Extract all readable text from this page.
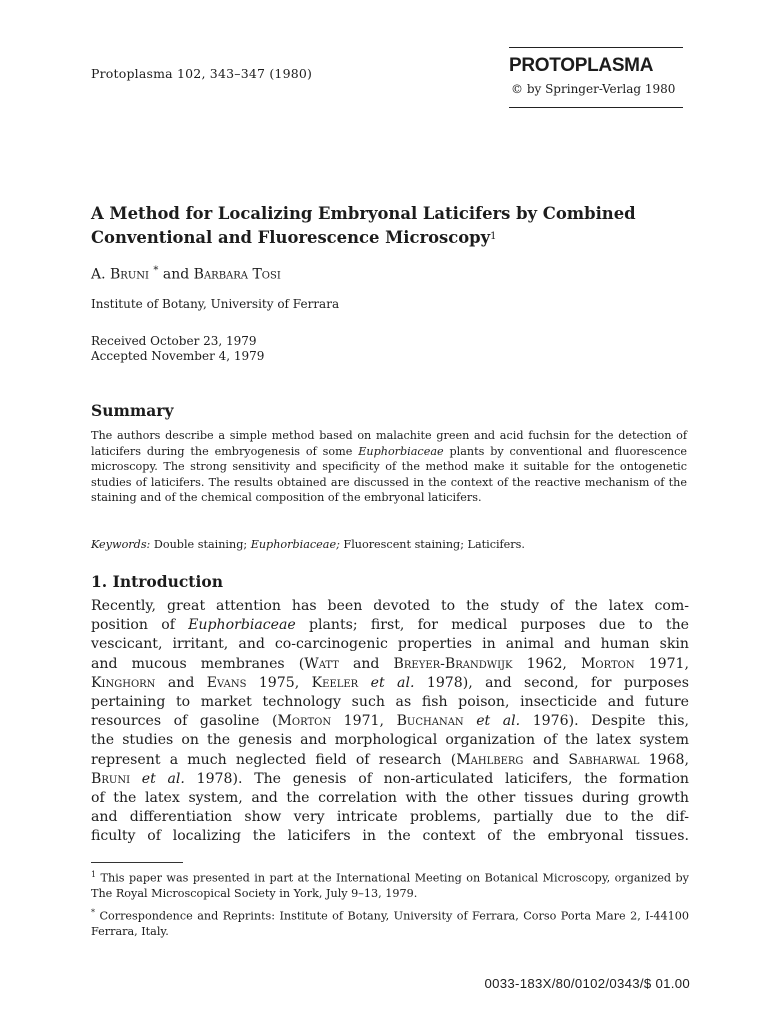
Protoplasma 102, 343–347 (1980)	PROTOPLASMA
© by Springer-Verlag 1980
A Method for Localizing Embryonal Laticifers by Combined
Conventional and Fluorescence Microscopy$^1$
A. Bruni * and Barbara Tosi
Institute of Botany, University of Ferrara
Received October 23, 1979
Accepted November 4, 1979
Summary
The authors describe a simple method based on malachite green and acid fuchsin for the detection of laticifers during the embryogenesis of some Euphorbiaceae plants by conventional and fluorescence microscopy. The strong sensitivity and specificity of the method make it suitable for the ontogenetic studies of laticifers. The results obtained are discussed in the context of the reactive mechanism of the staining and of the chemical composition of the embryonal laticifers.
Keywords: Double staining; Euphorbiaceae; Fluorescent staining; Laticifers.
1. Introduction
Recently, great attention has been devoted to the study of the latex com-
position of Euphorbiaceae plants; first, for medical purposes due to the
vescicant, irritant, and co-carcinogenic properties in animal and human skin
and mucous membranes (Watt and Breyer-Brandwijk 1962, Morton 1971,
Kinghorn and Evans 1975, Keeler et al. 1978), and second, for purposes
pertaining to market technology such as fish poison, insecticide and future
resources of gasoline (Morton 1971, Buchanan et al. 1976). Despite this,
the studies on the genesis and morphological organization of the latex system
represent a much neglected field of research (Mahlberg and Sabharwal 1968,
Bruni et al. 1978). The genesis of non-articulated laticifers, the formation
of the latex system, and the correlation with the other tissues during growth
and differentiation show very intricate problems, partially due to the dif-
ficulty of localizing the laticifers in the context of the embryonal tissues.

$^1$ This paper was presented in part at the International Meeting on Botanical Microscopy, organized by The Royal Microscopical Society in York, July 9–13, 1979.

* Correspondence and Reprints: Institute of Botany, University of Ferrara, Corso Porta Mare 2, I-44100 Ferrara, Italy.

0033-183X/80/0102/0343/$ 01.00
